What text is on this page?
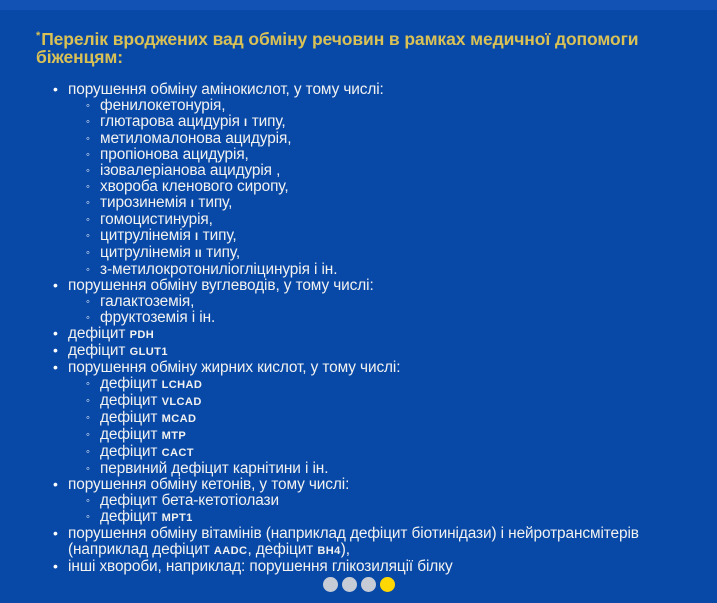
*Перелік вроджених вад обміну речовин в рамках медичної допомоги біженцям:
• порушення обміну амінокислот, у тому числі:
◦ фенилокетонурія,
◦ глютарова ацидурія I типу,
◦ метиломалонова ацидурія,
◦ пропіонова ацидурія,
◦ ізовалеріанова ацидурія ,
◦ хвороба кленового сиропу,
◦ тирозинемія I типу,
◦ гомоцистинурія,
◦ цитрулінемія I типу,
◦ цитрулінемія II типу,
◦ з-метилокротониліогліцинурія і ін.
• порушення обміну вуглеводів, у тому числі:
◦ галактоземія,
◦ фруктоземія і ін.
• дефіцит PDH
• дефіцит GLUT1
• порушення обміну жирних кислот, у тому числі:
◦ дефіцит LCHAD
◦ дефіцит VLCAD
◦ дефіцит MCAD
◦ дефіцит MTP
◦ дефіцит CACT
◦ первиний дефіцит карнітини і ін.
• порушення обміну кетонів, у тому числі:
◦ дефіцит бета-кетотіолази
◦ дефіцит MPT1
• порушення обміну вітамінів (наприклад дефіцит біотинідази) і нейротрансмітерів (наприклад дефіцит AADC, дефіцит BH4),
• інші хвороби, наприклад: порушення глікозиляції білку
